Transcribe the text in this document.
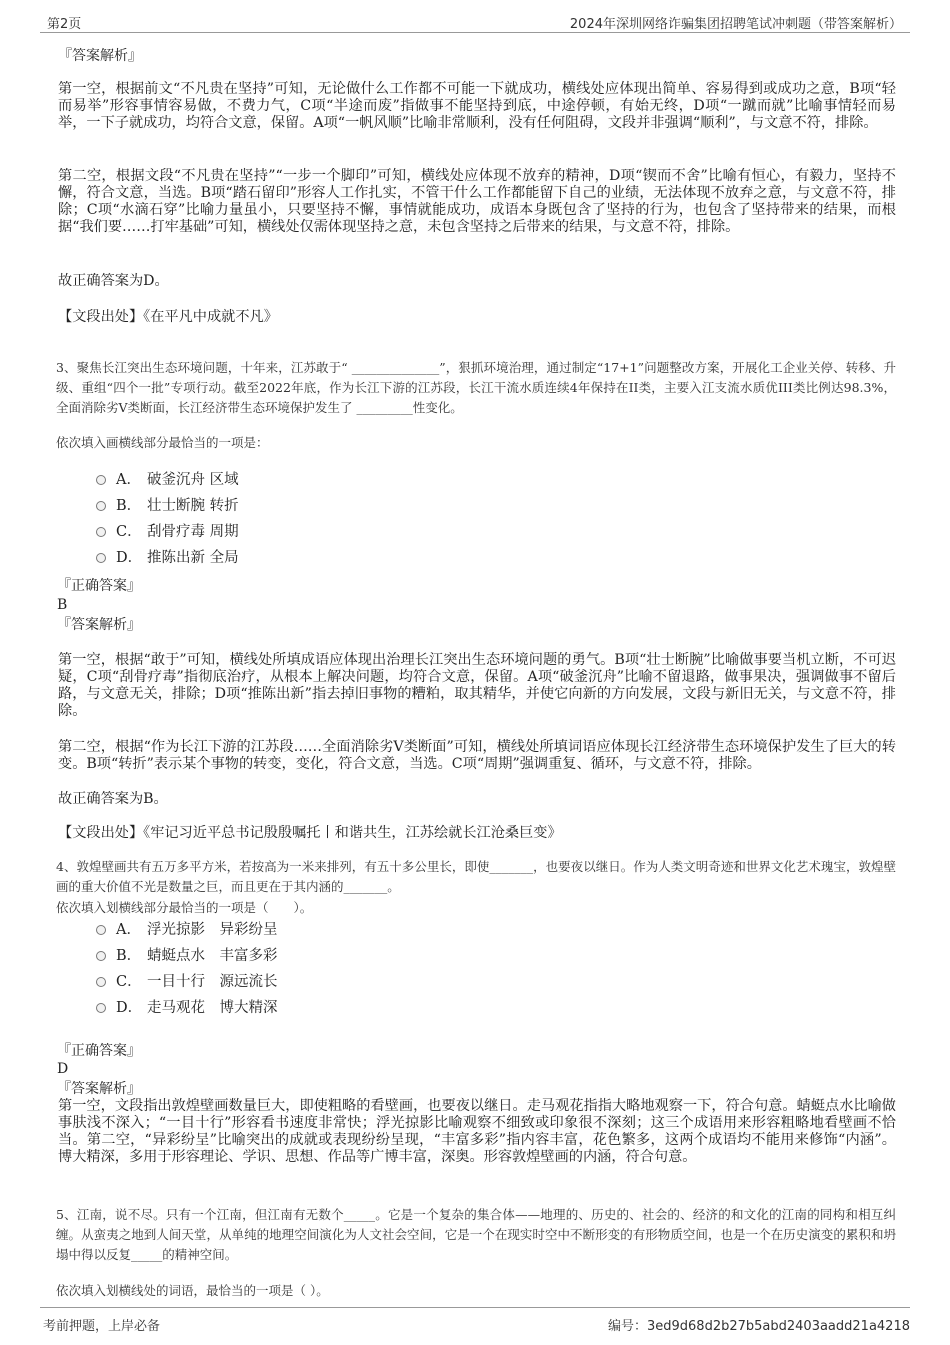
第2页	2024年深圳网络诈骗集团招聘笔试冲刺题（带答案解析）
『答案解析』
第一空，根据前文“不凡贵在坚持”可知，无论做什么工作都不可能一下就成功，横线处应体现出简单、容易得到或成功之意，B项“轻而易举”形容事情容易做，不费力气，C项“半途而废”指做事不能坚持到底，中途停顿，有始无终，D项“一蹴而就”比喻事情轻而易举，一下子就成功，均符合文意，保留。A项“一帆风顺”比喻非常顺利，没有任何阻碍，文段并非强调“顺利”，与文意不符，排除。
第二空，根据文段“不凡贵在坚持”“一步一个脚印”可知，横线处应体现不放弃的精神，D项“锲而不舍”比喻有恒心，有毅力，坚持不懈，符合文意，当选。B项“踏石留印”形容人工作扎实，不管干什么工作都能留下自己的业绩，无法体现不放弃之意，与文意不符，排除；C项“水滴石穿”比喻力量虽小，只要坚持不懈，事情就能成功，成语本身既包含了坚持的行为，也包含了坚持带来的结果，而根据“我们要……打牢基础”可知，横线处仅需体现坚持之意，未包含坚持之后带来的结果，与文意不符，排除。
故正确答案为D。
【文段出处】《在平凡中成就不凡》
3、聚焦长江突出生态环境问题，十年来，江苏敢于“ ______________”，狠抓环境治理，通过制定“17+1”问题整改方案，开展化工企业关停、转移、升级、重组“四个一批”专项行动。截至2022年底，作为长江下游的江苏段，长江干流水质连续4年保持在II类，主要入江支流水质优III类比例达98.3%，全面消除劣V类断面，长江经济带生态环境保护发生了 _________性变化。
依次填入画横线部分最恰当的一项是：
A． 破釜沉舟 区域
B． 壮士断腕 转折
C． 刮骨疗毒 周期
D． 推陈出新 全局
『正确答案』
B
『答案解析』
第一空，根据“敢于”可知，横线处所填成语应体现出治理长江突出生态环境问题的勇气。B项“壮士断腕”比喻做事要当机立断，不可迟疑，C项“刮骨疗毒”指彻底治疗，从根本上解决问题，均符合文意，保留。A项“破釜沉舟”比喻不留退路，做事果决，强调做事不留后路，与文意无关，排除；D项“推陈出新”指去掉旧事物的糟粕，取其精华，并使它向新的方向发展，文段与新旧无关，与文意不符，排除。
第二空，根据“作为长江下游的江苏段……全面消除劣V类断面”可知，横线处所填词语应体现长江经济带生态环境保护发生了巨大的转变。B项“转折”表示某个事物的转变，变化，符合文意，当选。C项“周期”强调重复、循环，与文意不符，排除。
故正确答案为B。
【文段出处】《牢记习近平总书记殷殷嘱托丨和谐共生，江苏绘就长江沧桑巨变》
4、敦煌壁画共有五万多平方米，若按高为一米来排列，有五十多公里长，即使_______，也要夜以继日。作为人类文明奇迹和世界文化艺术瑰宝，敦煌壁画的重大价值不光是数量之巨，而且更在于其内涵的_______。
依次填入划横线部分最恰当的一项是（　　）。
A． 浮光掠影　异彩纷呈
B． 蜻蜓点水　丰富多彩
C． 一目十行　源远流长
D． 走马观花　博大精深
『正确答案』
D
『答案解析』
第一空，文段指出敦煌壁画数量巨大，即使粗略的看壁画，也要夜以继日。走马观花指指大略地观察一下，符合句意。蜻蜓点水比喻做事肤浅不深入；“一目十行”形容看书速度非常快；浮光掠影比喻观察不细致或印象很不深刻；这三个成语用来形容粗略地看壁画不恰当。第二空，“异彩纷呈”比喻突出的成就或表现纷纷呈现，“丰富多彩”指内容丰富，花色繁多，这两个成语均不能用来修饰“内涵”。博大精深，多用于形容理论、学识、思想、作品等广博丰富，深奥。形容敦煌壁画的内涵，符合句意。
5、江南，说不尽。只有一个江南，但江南有无数个_____。它是一个复杂的集合体——地理的、历史的、社会的、经济的和文化的江南的同构和相互纠缠。从蛮夷之地到人间天堂，从单纯的地理空间演化为人文社会空间，它是一个在现实时空中不断形变的有形物质空间，也是一个在历史演变的累积和坍塌中得以反复_____的精神空间。
依次填入划横线处的词语，最恰当的一项是（ ）。
考前押题，上岸必备	编号：3ed9d68d2b27b5abd2403aadd21a4218
